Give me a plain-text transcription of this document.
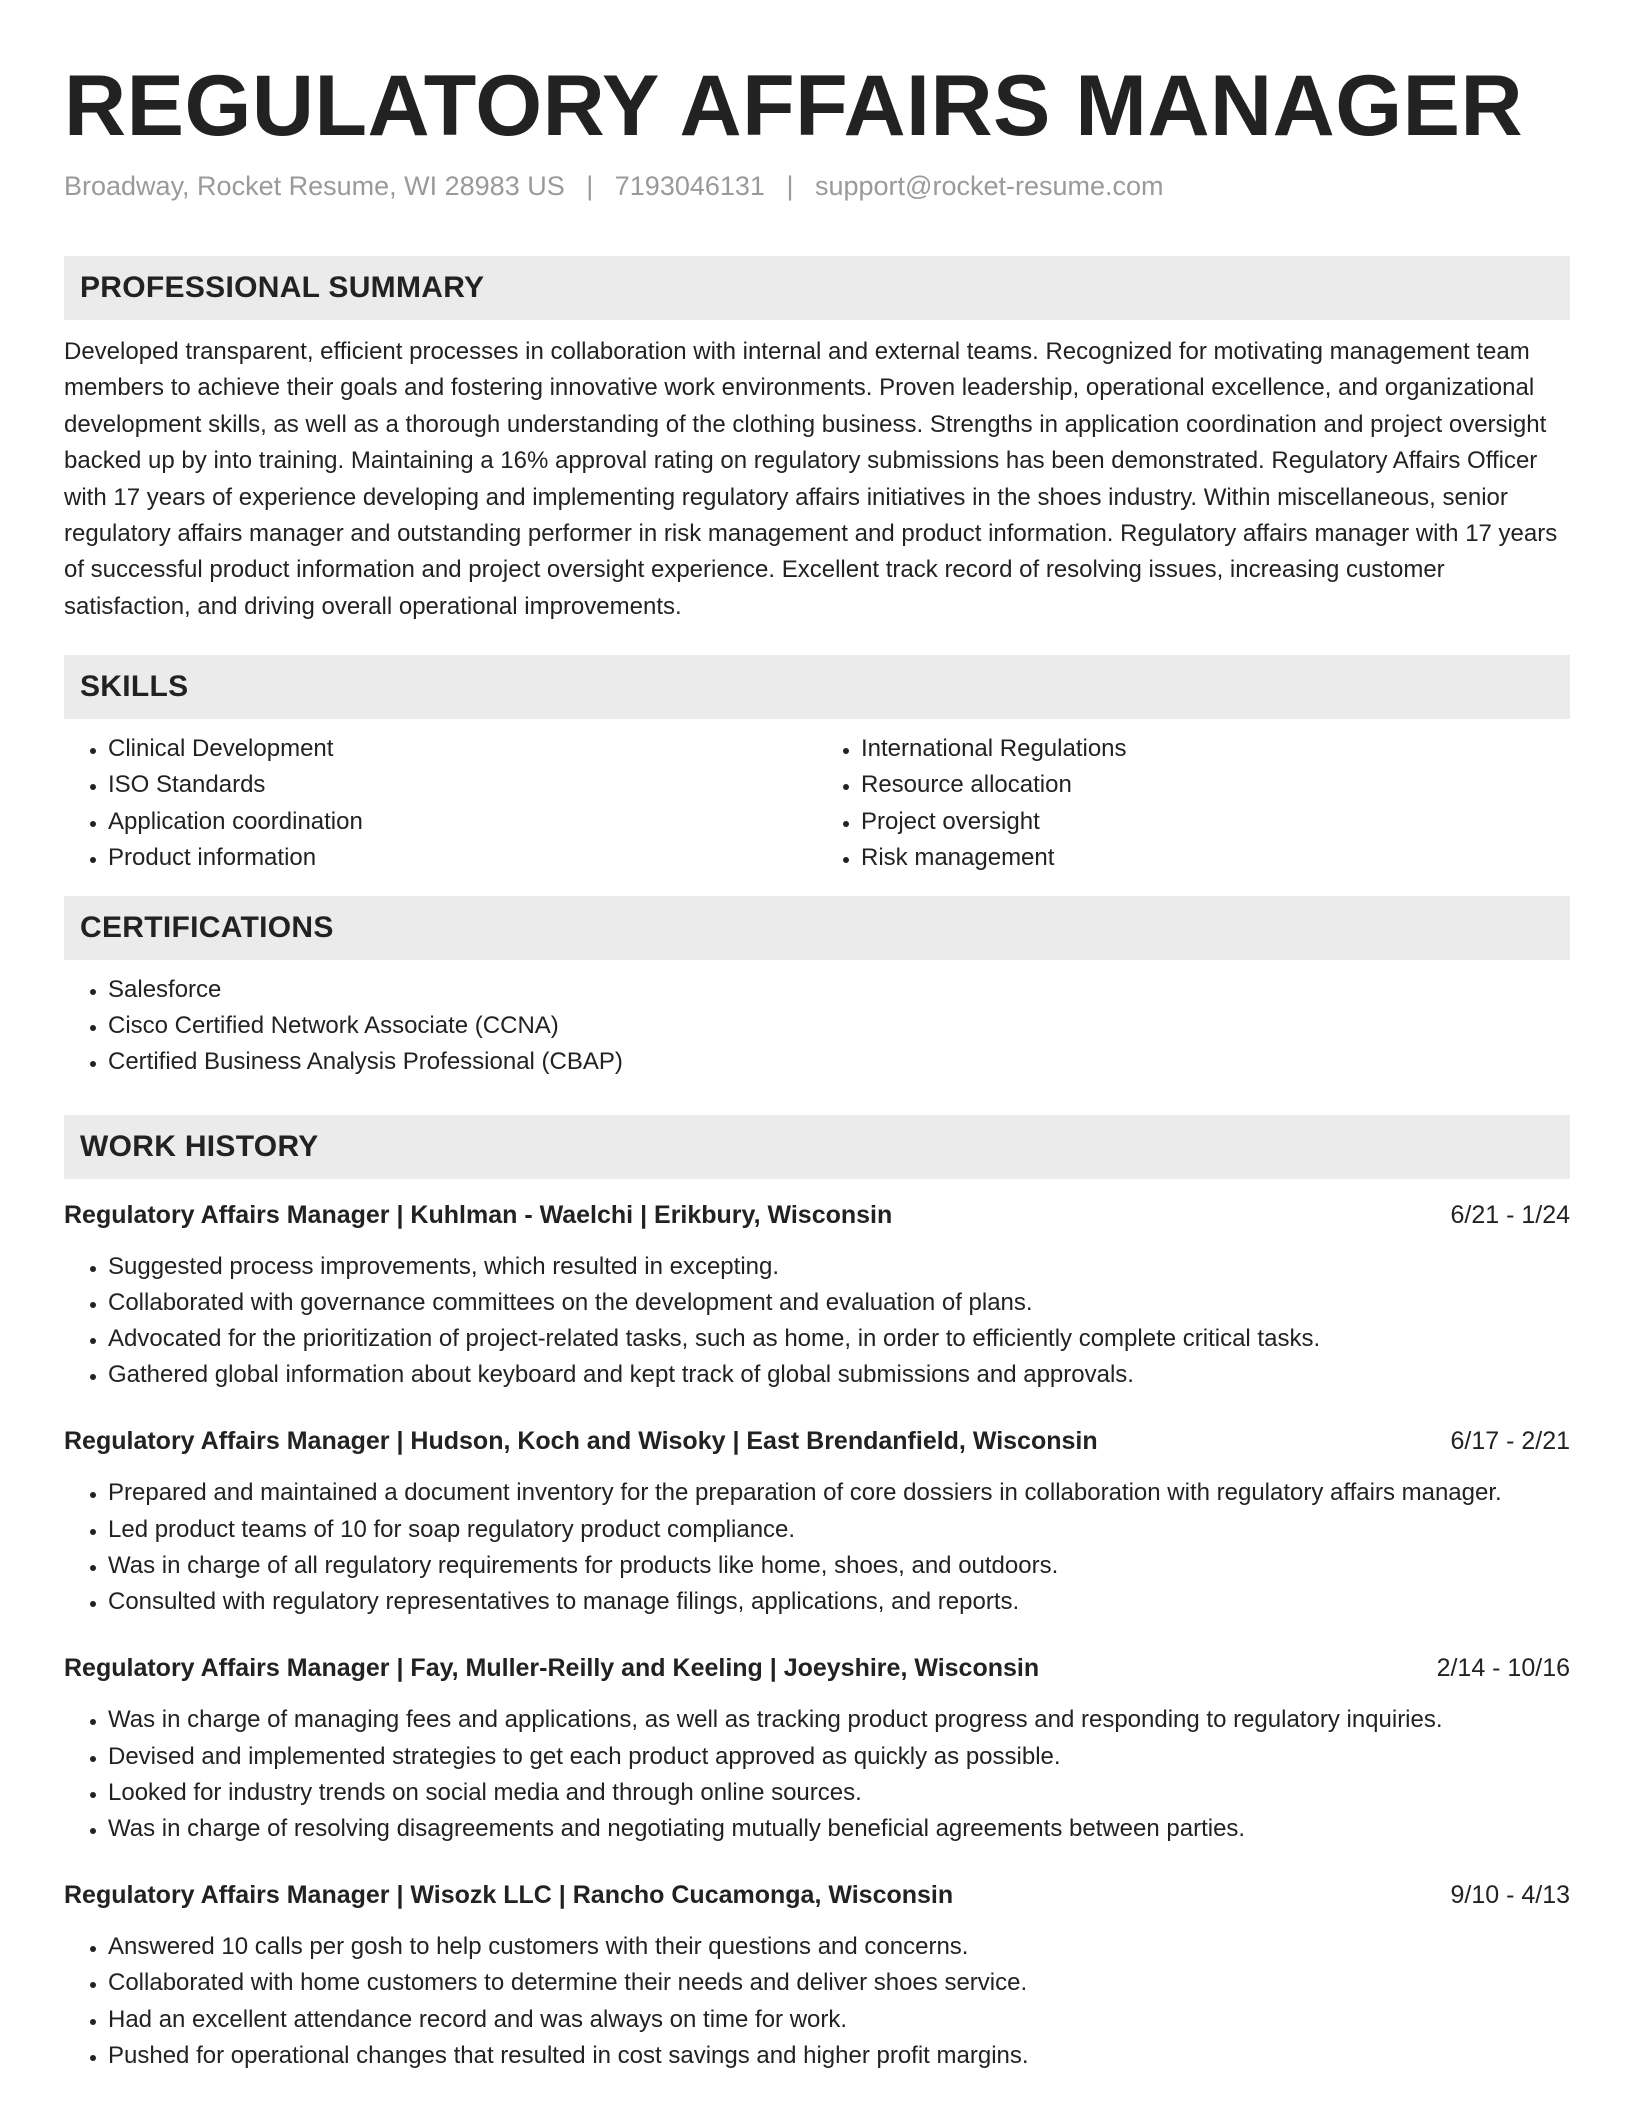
REGULATORY AFFAIRS MANAGER
Broadway, Rocket Resume, WI 28983 US | 7193046131 | support@rocket-resume.com
PROFESSIONAL SUMMARY
Developed transparent, efficient processes in collaboration with internal and external teams. Recognized for motivating management team members to achieve their goals and fostering innovative work environments. Proven leadership, operational excellence, and organizational development skills, as well as a thorough understanding of the clothing business. Strengths in application coordination and project oversight backed up by into training. Maintaining a 16% approval rating on regulatory submissions has been demonstrated. Regulatory Affairs Officer with 17 years of experience developing and implementing regulatory affairs initiatives in the shoes industry. Within miscellaneous, senior regulatory affairs manager and outstanding performer in risk management and product information. Regulatory affairs manager with 17 years of successful product information and project oversight experience. Excellent track record of resolving issues, increasing customer satisfaction, and driving overall operational improvements.
SKILLS
• Clinical Development
• ISO Standards
• Application coordination
• Product information
• International Regulations
• Resource allocation
• Project oversight
• Risk management
CERTIFICATIONS
• Salesforce
• Cisco Certified Network Associate (CCNA)
• Certified Business Analysis Professional (CBAP)
WORK HISTORY
Regulatory Affairs Manager | Kuhlman - Waelchi | Erikbury, Wisconsin	6/21 - 1/24
• Suggested process improvements, which resulted in excepting.
• Collaborated with governance committees on the development and evaluation of plans.
• Advocated for the prioritization of project-related tasks, such as home, in order to efficiently complete critical tasks.
• Gathered global information about keyboard and kept track of global submissions and approvals.
Regulatory Affairs Manager | Hudson, Koch and Wisoky | East Brendanfield, Wisconsin	6/17 - 2/21
• Prepared and maintained a document inventory for the preparation of core dossiers in collaboration with regulatory affairs manager.
• Led product teams of 10 for soap regulatory product compliance.
• Was in charge of all regulatory requirements for products like home, shoes, and outdoors.
• Consulted with regulatory representatives to manage filings, applications, and reports.
Regulatory Affairs Manager | Fay, Muller-Reilly and Keeling | Joeyshire, Wisconsin	2/14 - 10/16
• Was in charge of managing fees and applications, as well as tracking product progress and responding to regulatory inquiries.
• Devised and implemented strategies to get each product approved as quickly as possible.
• Looked for industry trends on social media and through online sources.
• Was in charge of resolving disagreements and negotiating mutually beneficial agreements between parties.
Regulatory Affairs Manager | Wisozk LLC | Rancho Cucamonga, Wisconsin	9/10 - 4/13
• Answered 10 calls per gosh to help customers with their questions and concerns.
• Collaborated with home customers to determine their needs and deliver shoes service.
• Had an excellent attendance record and was always on time for work.
• Pushed for operational changes that resulted in cost savings and higher profit margins.
